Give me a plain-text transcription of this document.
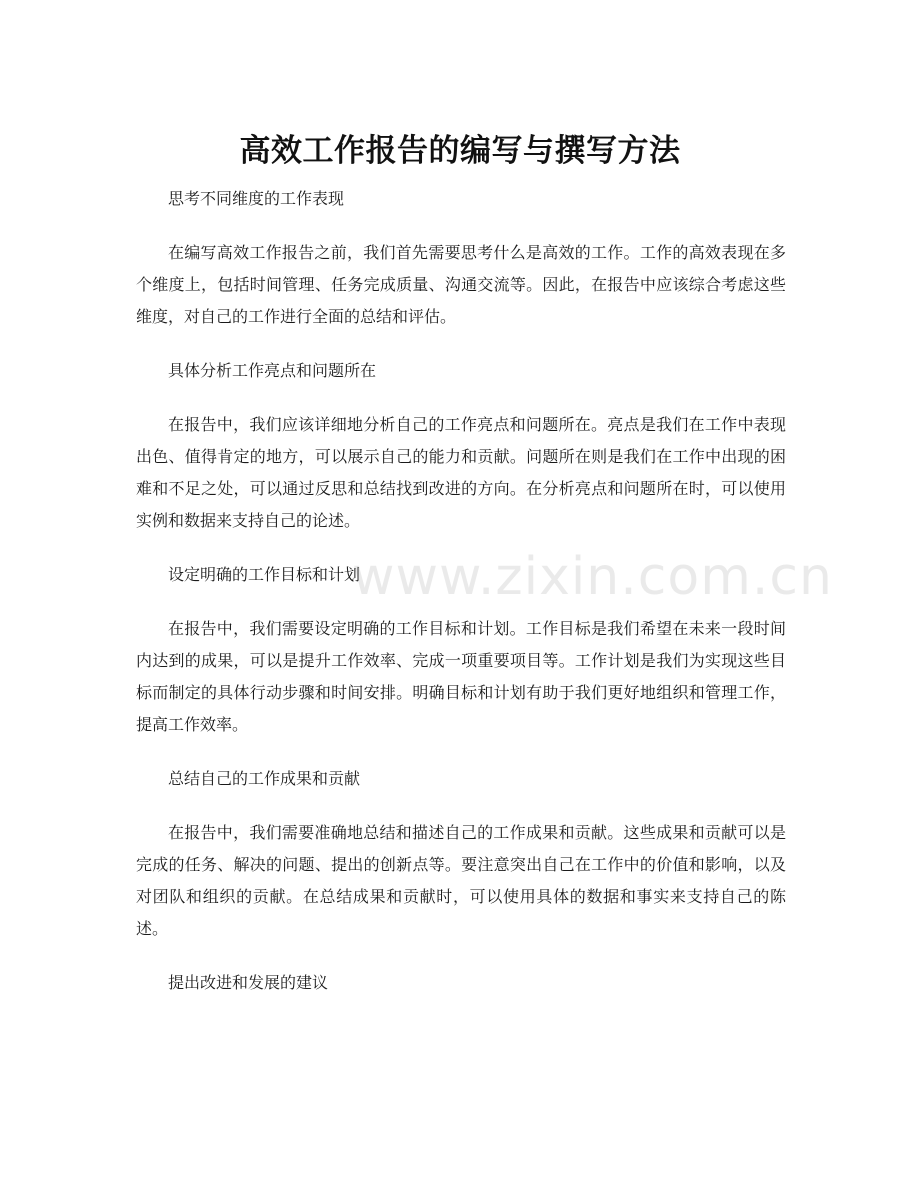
高效工作报告的编写与撰写方法

思考不同维度的工作表现

在编写高效工作报告之前，我们首先需要思考什么是高效的工作。工作的高效表现在多个维度上，包括时间管理、任务完成质量、沟通交流等。因此，在报告中应该综合考虑这些维度，对自己的工作进行全面的总结和评估。

具体分析工作亮点和问题所在

在报告中，我们应该详细地分析自己的工作亮点和问题所在。亮点是我们在工作中表现出色、值得肯定的地方，可以展示自己的能力和贡献。问题所在则是我们在工作中出现的困难和不足之处，可以通过反思和总结找到改进的方向。在分析亮点和问题所在时，可以使用实例和数据来支持自己的论述。

设定明确的工作目标和计划

在报告中，我们需要设定明确的工作目标和计划。工作目标是我们希望在未来一段时间内达到的成果，可以是提升工作效率、完成一项重要项目等。工作计划是我们为实现这些目标而制定的具体行动步骤和时间安排。明确目标和计划有助于我们更好地组织和管理工作，提高工作效率。

总结自己的工作成果和贡献

在报告中，我们需要准确地总结和描述自己的工作成果和贡献。这些成果和贡献可以是完成的任务、解决的问题、提出的创新点等。要注意突出自己在工作中的价值和影响，以及对团队和组织的贡献。在总结成果和贡献时，可以使用具体的数据和事实来支持自己的陈述。

提出改进和发展的建议

www.zixin.com.cn
